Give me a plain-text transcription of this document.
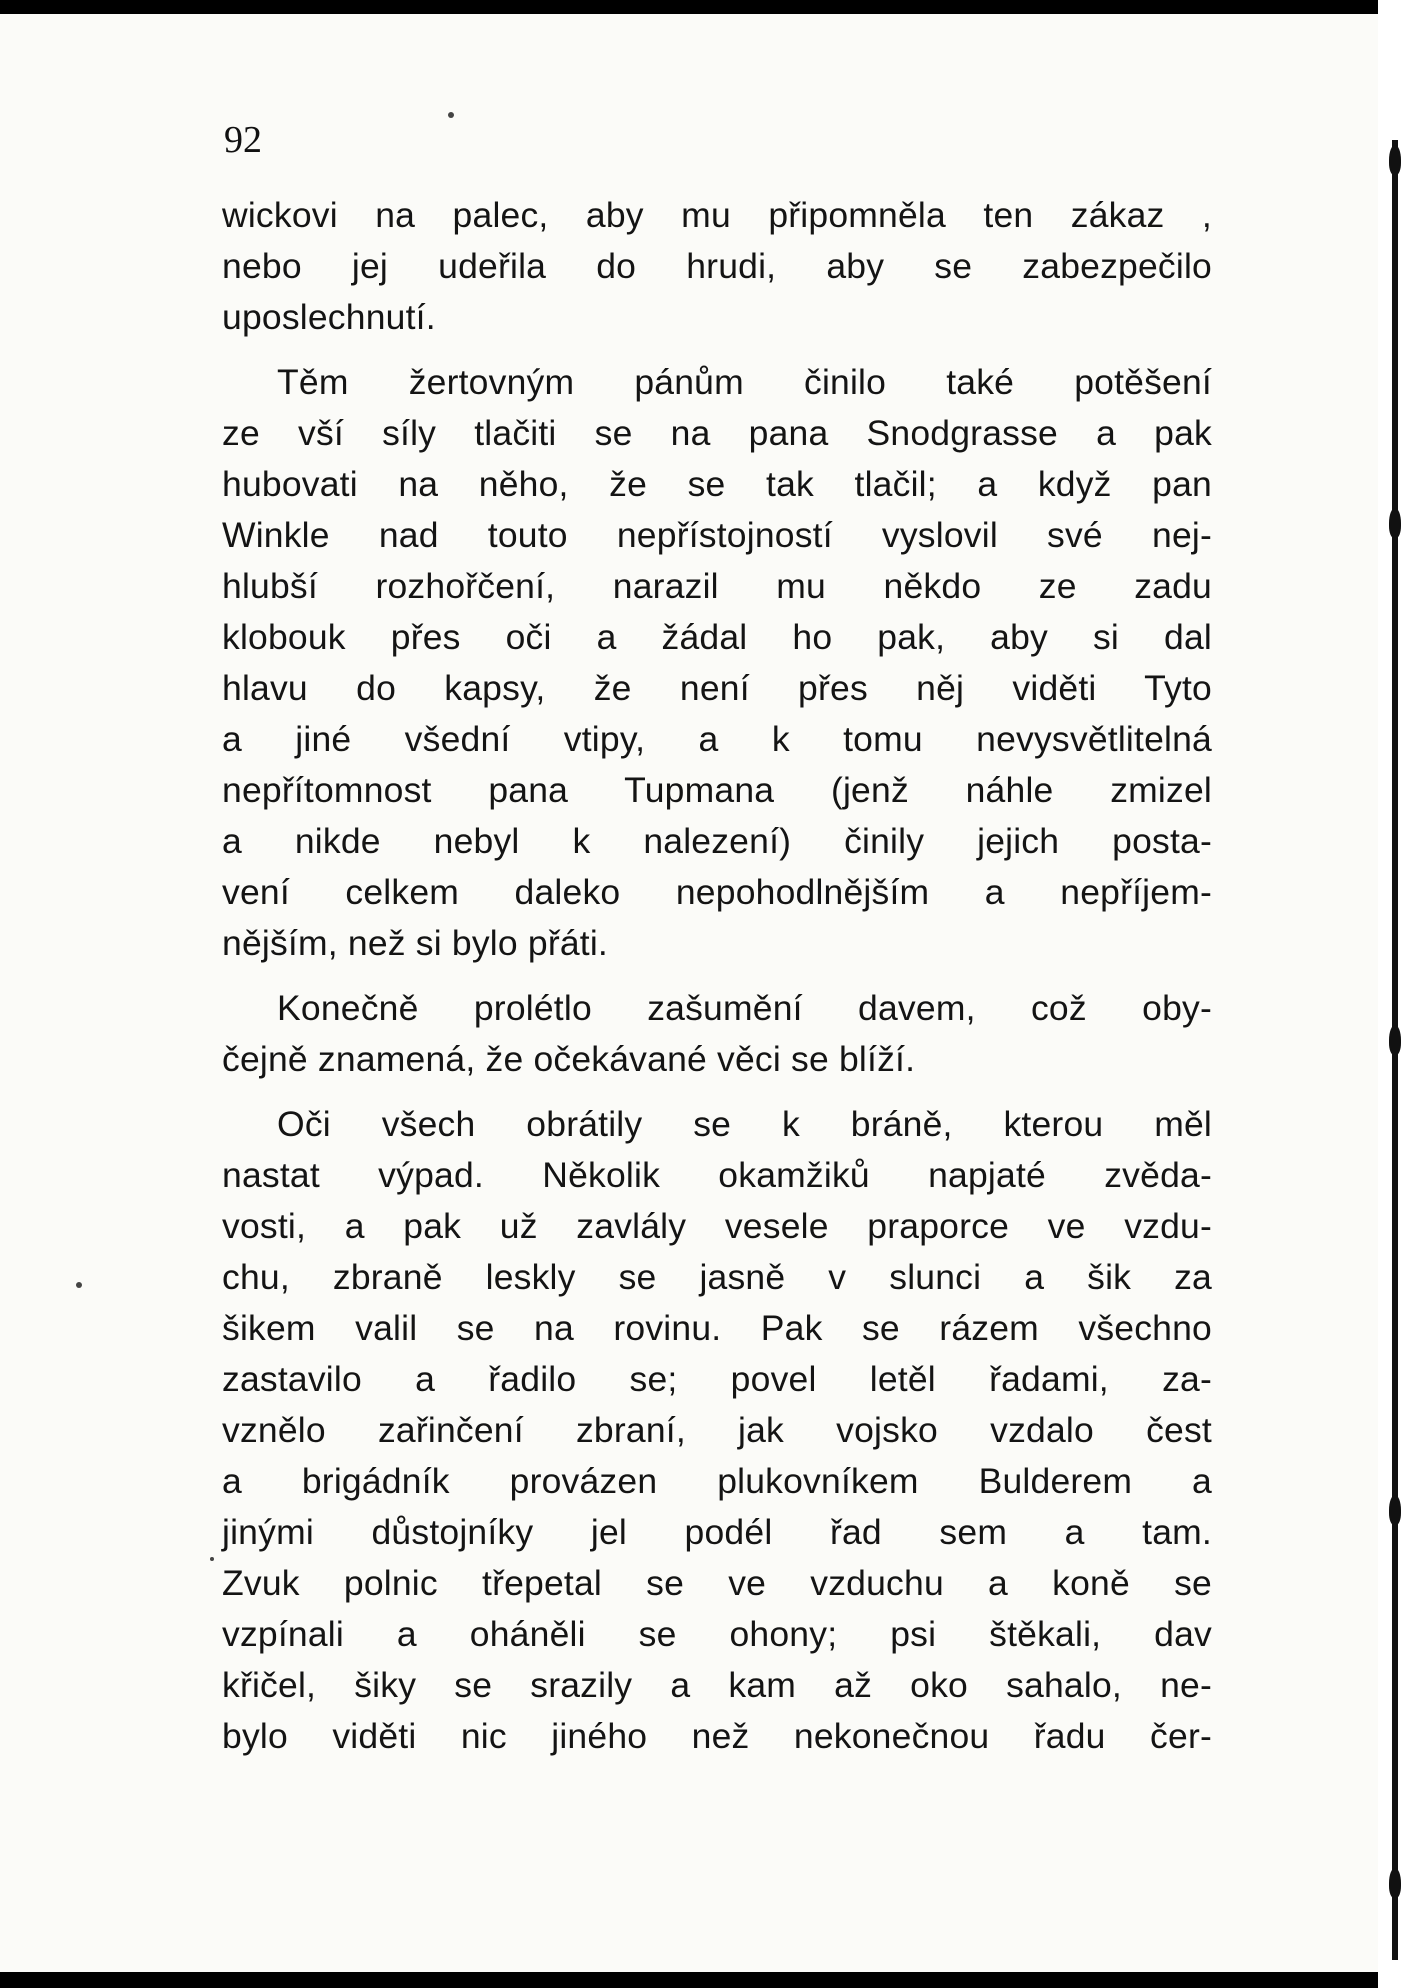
92

wickovi na palec, aby mu připomněla ten zákaz ,
nebo jej udeřila do hrudi, aby se zabezpečilo
uposlechnutí.

Těm žertovným pánům činilo také potěšení
ze vší síly tlačiti se na pana Snodgrasse a pak
hubovati na něho, že se tak tlačil; a když pan
Winkle nad touto nepřístojností vyslovil své nej-
hlubší rozhořčení, narazil mu někdo ze zadu
klobouk přes oči a žádal ho pak, aby si dal
hlavu do kapsy, že není přes něj viděti Tyto
a jiné všední vtipy, a k tomu nevysvětlitelná
nepřítomnost pana Tupmana (jenž náhle zmizel
a nikde nebyl k nalezení) činily jejich posta-
vení celkem daleko nepohodlnějším a nepříjem-
nějším, než si bylo přáti.

Konečně prolétlo zašumění davem, což oby-
čejně znamená, že očekávané věci se blíží.

Oči všech obrátily se k bráně, kterou měl
nastat výpad. Několik okamžiků napjaté zvěda-
vosti, a pak už zavlály vesele praporce ve vzdu-
chu, zbraně leskly se jasně v slunci a šik za
šikem valil se na rovinu. Pak se rázem všechno
zastavilo a řadilo se; povel letěl řadami, za-
vznělo zařinčení zbraní, jak vojsko vzdalo čest
a brigádník provázen plukovníkem Bulderem a
jinými důstojníky jel podél řad sem a tam.
Zvuk polnic třepetal se ve vzduchu a koně se
vzpínali a oháněli se ohony; psi štěkali, dav
křičel, šiky se srazily a kam až oko sahalo, ne-
bylo viděti nic jiného než nekonečnou řadu čer-
